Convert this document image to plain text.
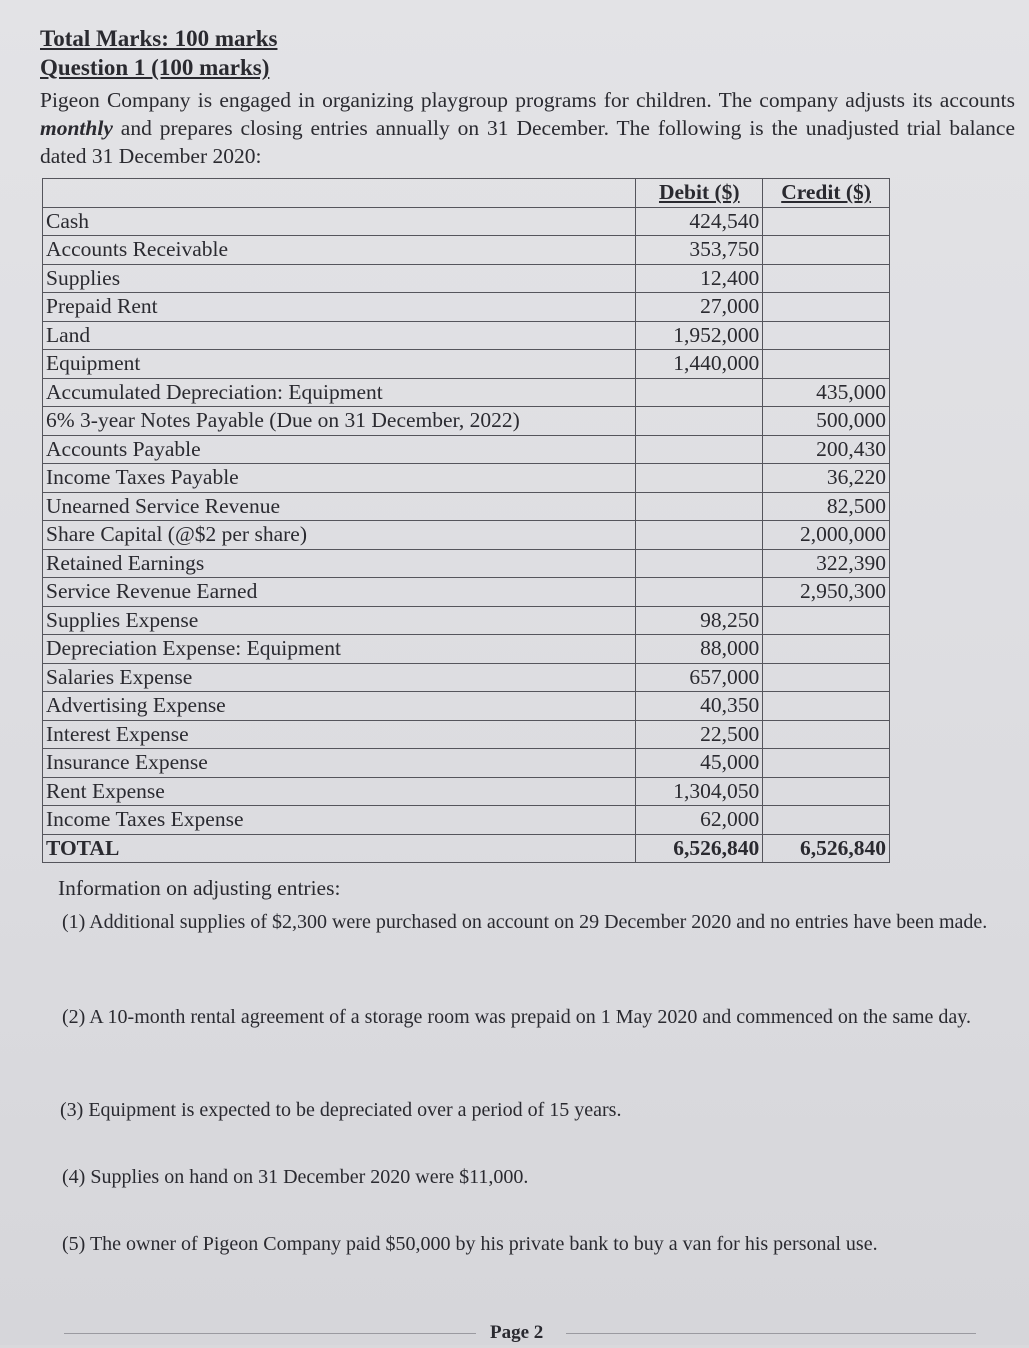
Total Marks: 100 marks
Question 1 (100 marks)
Pigeon Company is engaged in organizing playgroup programs for children. The company adjusts its accounts monthly and prepares closing entries annually on 31 December. The following is the unadjusted trial balance dated 31 December 2020:
	Debit ($)	Credit ($)
Cash	424,540	
Accounts Receivable	353,750	
Supplies	12,400	
Prepaid Rent	27,000	
Land	1,952,000	
Equipment	1,440,000	
Accumulated Depreciation: Equipment		435,000
6% 3-year Notes Payable (Due on 31 December, 2022)		500,000
Accounts Payable		200,430
Income Taxes Payable		36,220
Unearned Service Revenue		82,500
Share Capital (@$2 per share)		2,000,000
Retained Earnings		322,390
Service Revenue Earned		2,950,300
Supplies Expense	98,250	
Depreciation Expense: Equipment	88,000	
Salaries Expense	657,000	
Advertising Expense	40,350	
Interest Expense	22,500	
Insurance Expense	45,000	
Rent Expense	1,304,050	
Income Taxes Expense	62,000	
TOTAL	6,526,840	6,526,840
Information on adjusting entries:
(1) Additional supplies of $2,300 were purchased on account on 29 December 2020 and no entries have been made.
(2) A 10-month rental agreement of a storage room was prepaid on 1 May 2020 and commenced on the same day.
(3) Equipment is expected to be depreciated over a period of 15 years.
(4) Supplies on hand on 31 December 2020 were $11,000.
(5) The owner of Pigeon Company paid $50,000 by his private bank to buy a van for his personal use.
Page 2
